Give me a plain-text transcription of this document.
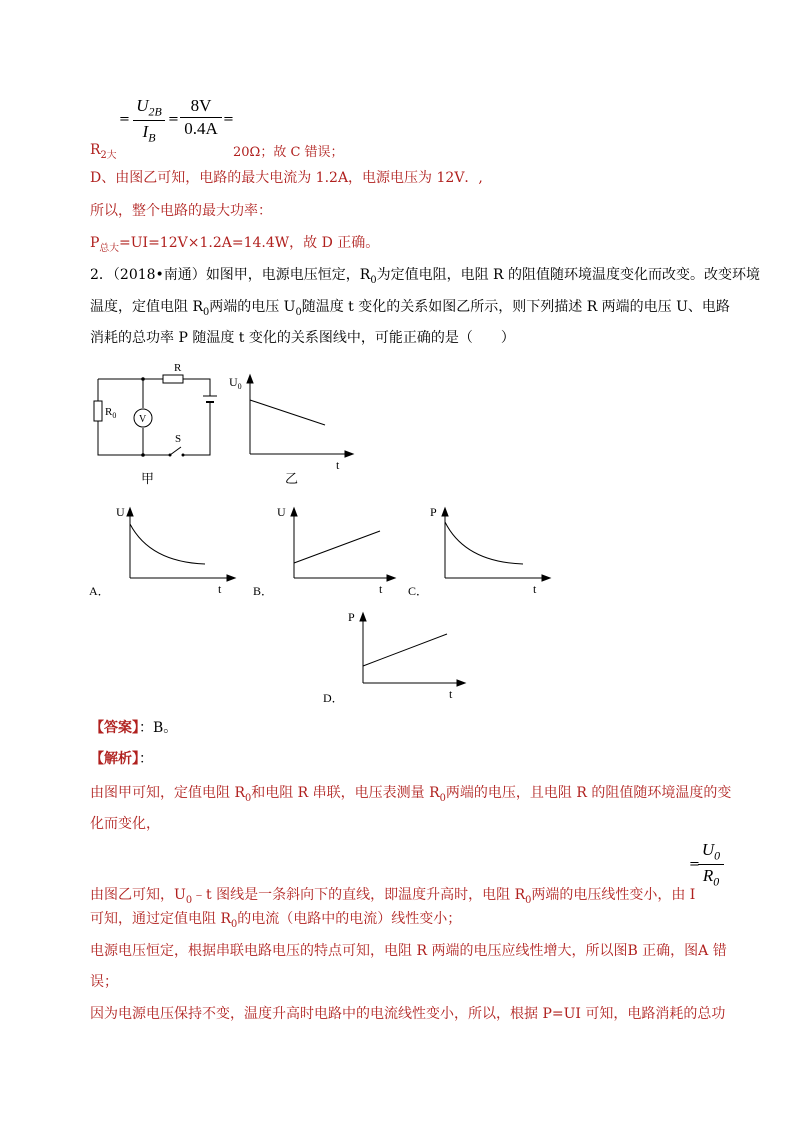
$R_{2大}$
=
$U_{2B}$
$I_B$
=
8V
0.4A =
20Ω；故 C 错误；
D、由图乙可知，电路的最大电流为 1.2A，电源电压为 12V．,
所以，整个电路的最大功率：
$P_{总大}=UI=12V\times 1.2A=14.4W$，故 D 正确。
2．（2018•南通）如图甲，电源电压恒定，$R_0$为定值电阻，电阻 R 的阻值随环境温度变化而改变。改变环境
温度，定值电阻 $R_0$两端的电压 $U_0$随温度 t 变化的关系如图乙所示，则下列描述 R 两端的电压 U、电路
消耗的总功率 P 随温度 t 变化的关系图线中，可能正确的是（　　）
$R_0$
R
V
S
甲
$U_0$
t
乙
U
t
A．
U
t
B．
P
t
C．
P
t
D．
【答案】：B。
【解析】：
由图甲可知，定值电阻 $R_0$和电阻 R 串联，电压表测量 $R_0$两端的电压，且电阻 R 的阻值随环境温度的变
化而变化，
=
$U_0$
$R_0$
由图乙可知，$U_0﹣t$ 图线是一条斜向下的直线，即温度升高时，电阻 $R_0$两端的电压线性变小，由 I
可知，通过定值电阻 $R_0$的电流（电路中的电流）线性变小；
电源电压恒定，根据串联电路电压的特点可知，电阻 R 两端的电压应线性增大，所以图B 正确，图A 错
误；
因为电源电压保持不变，温度升高时电路中的电流线性变小，所以，根据 P=UI 可知，电路消耗的总功
